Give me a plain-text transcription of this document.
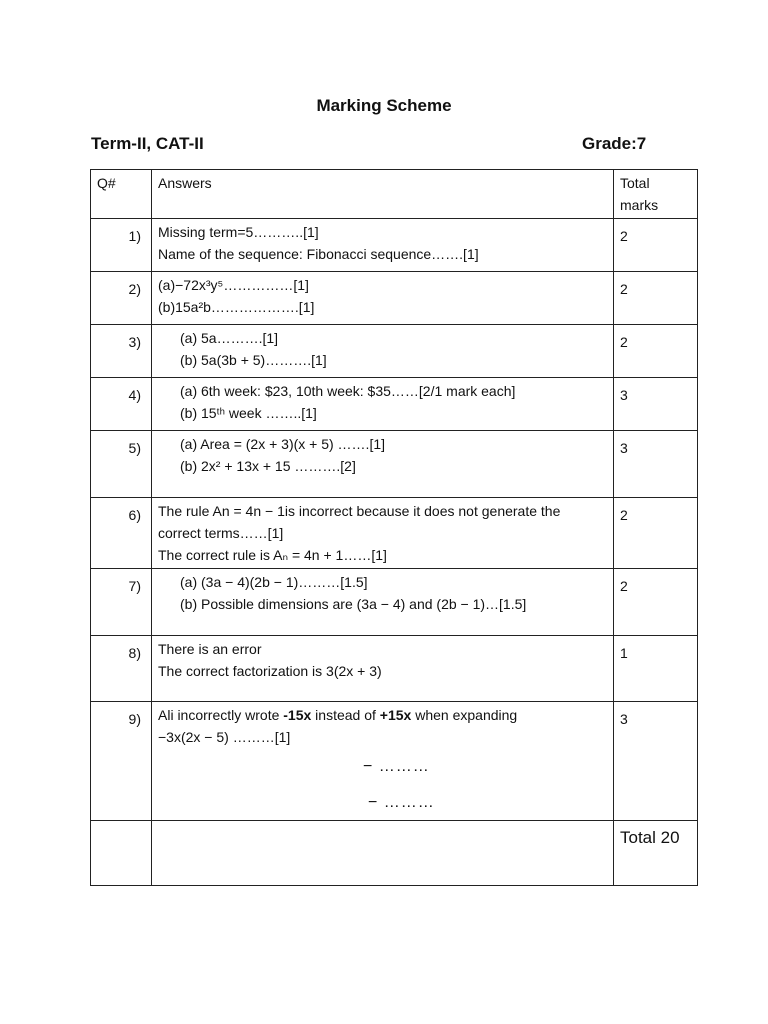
Marking Scheme
Term-II, CAT-II	Grade:7
Q#	Answers	Total
marks

1)	Missing term=5………..[1]
Name of the sequence: Fibonacci sequence…….[1]	2
2)	(a)−72x³y⁵……………[1]
(b)15a²b……………….[1]	2
3)	(a) 5a……….[1]
(b) 5a(3b + 5)……….[1]	2
4)	(a) 6th week: $23, 10th week: $35……[2/1 mark each]
(b) 15ᵗʰ week ……..[1]	3
5)	(a) Area = (2x + 3)(x + 5) …….[1]
(b) 2x² + 13x + 15 ……….[2]	3
6)	The rule An = 4n − 1is incorrect because it does not generate the correct terms……[1]
The correct rule is Aₙ = 4n + 1……[1]	2
7)	(a) (3a − 4)(2b − 1)………[1.5]
(b) Possible dimensions are (3a − 4) and (2b − 1)…[1.5]	2
8)	There is an error
The correct factorization is 3(2x + 3)	1
9)	Ali incorrectly wrote -15x instead of +15x when expanding
−3x(2x − 5) ………[1]
− ………
− ………	3
		Total 20
